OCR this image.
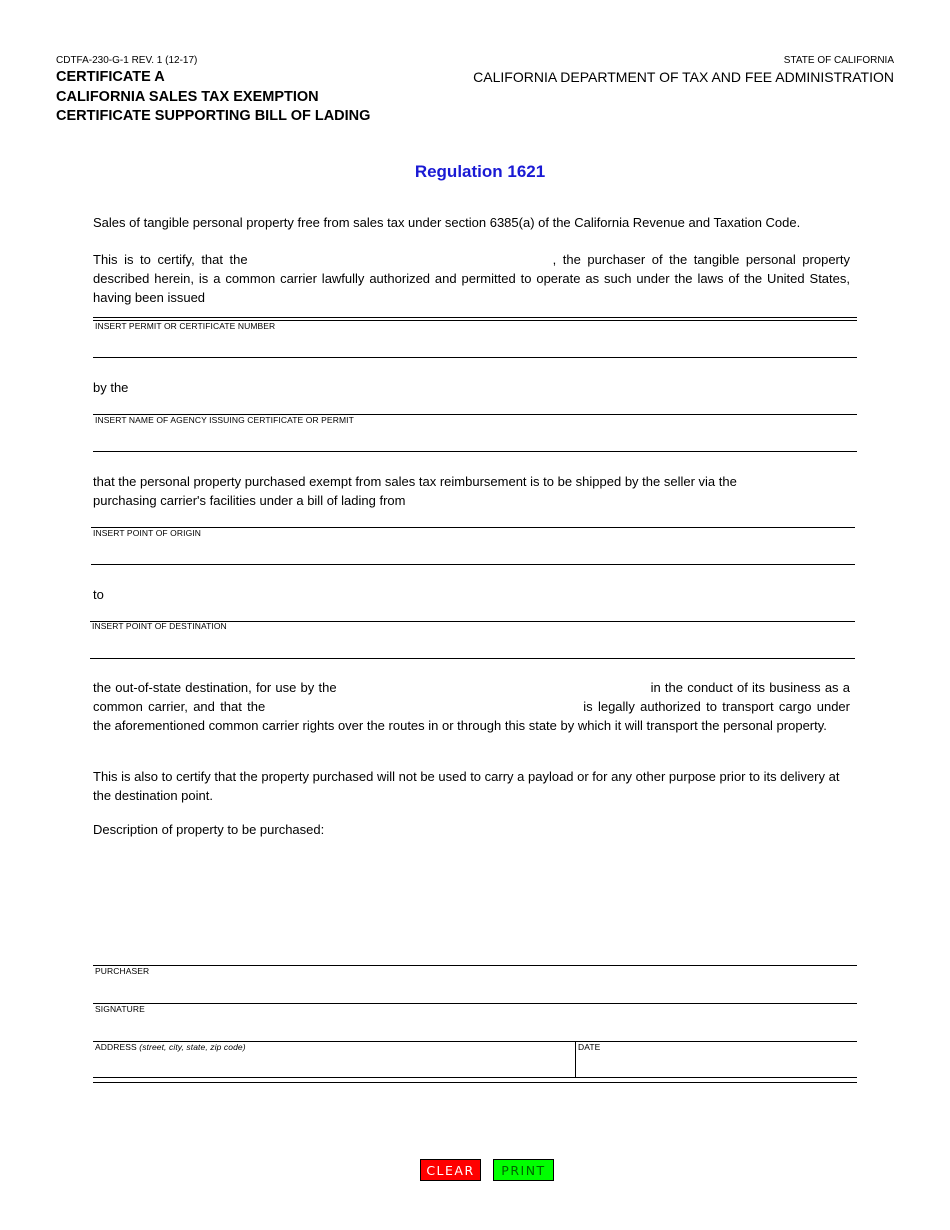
CDTFA-230-G-1 REV. 1 (12-17)
CERTIFICATE A
CALIFORNIA SALES TAX EXEMPTION
CERTIFICATE SUPPORTING BILL OF LADING
STATE OF CALIFORNIA
CALIFORNIA DEPARTMENT OF TAX AND FEE ADMINISTRATION
Regulation 1621
Sales of tangible personal property free from sales tax under section 6385(a) of the California Revenue and Taxation Code.
This is to certify, that the	, the purchaser of the tangible personal property described herein, is a common carrier lawfully authorized and permitted to operate as such under the laws of the United States, having been issued
INSERT PERMIT OR CERTIFICATE NUMBER
by the
INSERT NAME OF AGENCY ISSUING CERTIFICATE OR PERMIT
that the personal property purchased exempt from sales tax reimbursement is to be shipped by the seller via the purchasing carrier's facilities under a bill of lading from
INSERT POINT OF ORIGIN
to
INSERT POINT OF DESTINATION
the out-of-state destination, for use by the	in the conduct of its business as a common carrier, and that the	is legally authorized to transport cargo under the aforementioned common carrier rights over the routes in or through this state by which it will transport the personal property.
This is also to certify that the property purchased will not be used to carry a payload or for any other purpose prior to its delivery at the destination point.
Description of property to be purchased:
PURCHASER
SIGNATURE
ADDRESS (street, city, state, zip code)	DATE
CLEAR	PRINT
